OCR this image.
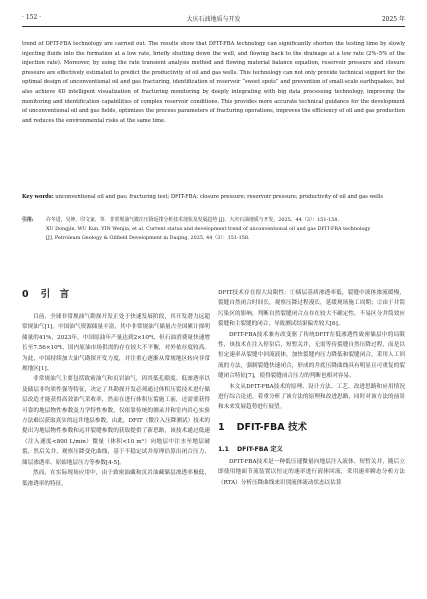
· 152 ·	大庆石油地质与开发	2025 年
trend of DFIT-FBA technology are carried out. The results show that DFIT-FBA technology can significantly shorten the testing time by slowly injecting fluids into the formation at a low rate, briefly shutting down the well, and flowing back to the drainage at a low rate (2%–5% of the injection rate). Moreover, by using the rate transient analysis method and flowing material balance equation, reservoir pressure and closure pressure are effectively estimated to predict the productivity of oil and gas wells. This technology can not only provide technical support for the optimal design of unconventional oil and gas fracturing, identification of reservoir “sweet spots” and prevention of small-scale earthquakes, but also achieve 4D intelligent visualization of fracturing monitoring by deeply integrating with big data processing technology, improving the monitoring and identification capabilities of complex reservoir conditions. This provides more accurate technical guidance for the development of unconventional oil and gas fields, optimizes the process parameters of fracturing operations, improves the efficiency of oil and gas production and reduces the environmental risks at the same time.
Key words: unconventional oil and gas; fracturing test; DFIT-FBA; closure pressure; reservoir pressure; productivity of oil and gas wells
引用:	许冬进，吴坤，印文家，等．非常规油气微注压降返排分析技术现状及发展趋势 [J]．大庆石油地质与开发，2025，44（3）：151-158.
XU Dongjin, WU Kun, YIN Wenjia, et al. Current status and development trend of unconventional oil and gas DFIT-FBA technology
[J]. Petroleum Geology & Oilfield Development in Daqing, 2025, 44（3）：151-158.
0 引　言

目前，全球非常规油气勘探开发正处于快速发展阶段，其开发潜力远超常规油气[1]。中国油气资源储量丰富，其中非常规油气储量占全国累计探明储量的41%，2023年，中国原油年产量达到2×10⁸t，但石油消费量快速增长至7.56×10⁸t，国内原油市场供需的存在较大不平衡，对外依存度较高。为此，中国持续加大油气勘探开发力度，并注重心逐渐从常规地区转向非常规地区[1]。

非常规油气主要包括致密油气和页岩油气，因其低孔隙度、低渗透率以及储层非均质性强等特征，决定了其勘探开发必须通过体积压裂技术进行储层改造才能获得高效油气采收率，然而在进行体积压裂施工前，还需要获得可靠的地层物性参数及力学特性参数，仅依靠传统的测录井和室内岩心实验方法难以获取真实的远井地层参数。由此，DFIT（微注入压降测试）技术的提出为地层物性参数和远井裂缝参数的获取提供了新思路，该技术通过低速（注入速度<800 L/min）微量（体积<10 m³）向地层中注水至地层破裂，然后关井，观察压降变化曲线，基于不稳定试井原理估算出闭合压力、储层渗透率、原始地层压力等参数[4-5]。

然而，在实际现场应用中，由于致密油藏和页岩油藏储层渗透率极低，低渗透率的特征，

DFIT技术存在很大局限性：①储层基质渗透率低，裂缝中液体渗流缓慢，裂缝自然闭合时间长，观察压降过程漫长，延缓现场施工周期；②由于井筒污染区的影响，判断自然裂缝闭合点存在较大不确定性，不易区分井筒效应裂缝和主裂缝的闭合，导致测试结果偏差较大[6]。

DFIT-FBA技术兼有改变驱了传统DFIT在低渗透性致密储层中的局限性，该技术在注入停泵后，短暂关井，无需等待裂缝自然压降过程，而是以恒定速率从裂缝中回流液体，加快裂缝内压力降低和裂缝闭合，采用人工回流的方法，强制裂缝快速闭合，形成的井底压降曲线具有明显且可重复的裂缝闭合特征[7]，使得裂缝闭合压力的判断也相对容易。

本文从DFIT-FBA技术的原理、设计方法、工艺、改进思路和应用情况进行综合论述，着重分析了该方法的原理和改进思路，同时对该方法的前景和未来发展趋势进行展望。

1 DFIT-FBA 技术
1.1 DFIT-FBA 定义

DFIT-FBA技术是一种低压速微量向地层注入液体、短暂关井，随后立即使用地面节流装置以恒定的速率进行液体回流，采用速率瞬态分析方法（RTA）分析压降曲线来识别流体流动状态以估算
